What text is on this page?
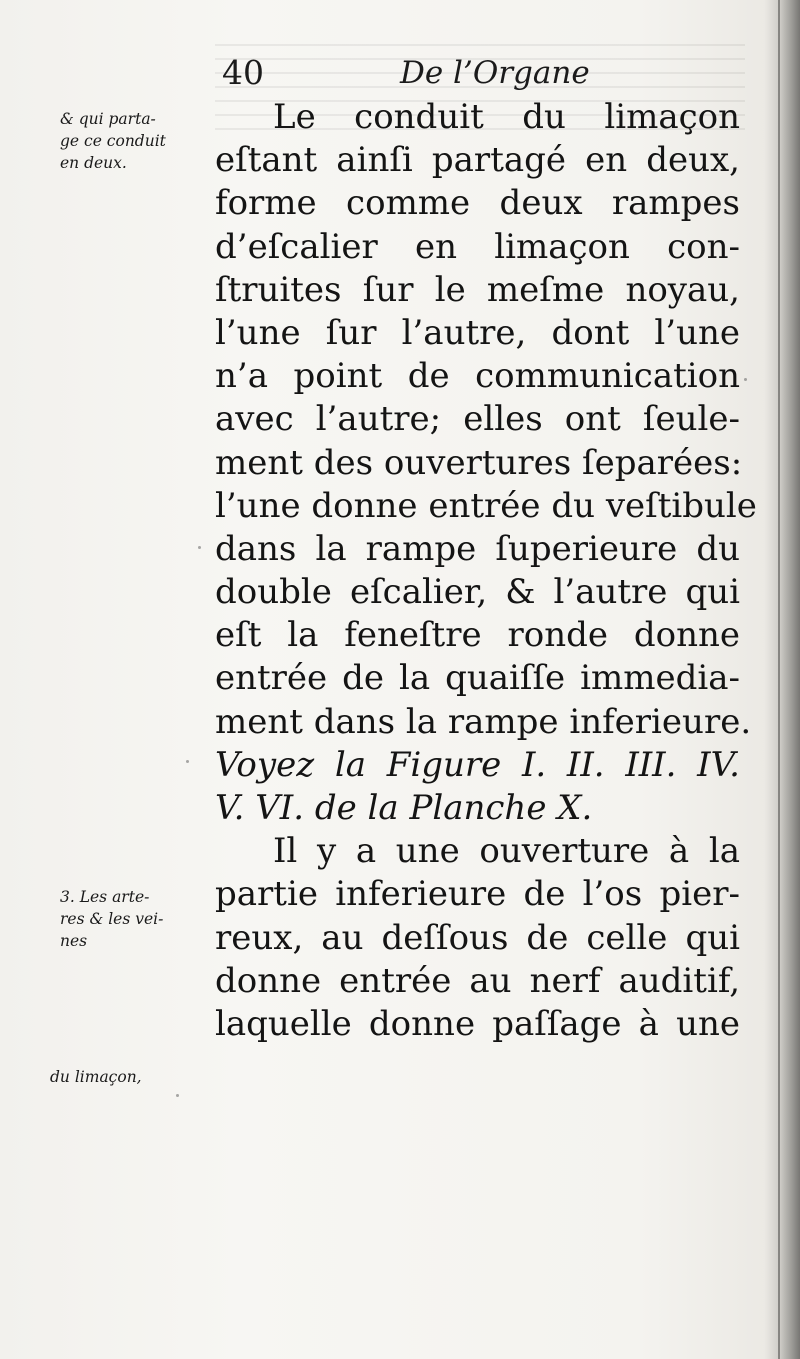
40	De l’Organe
& qui parta-
ge ce conduit
en deux.
3. Les arte-
res & les vei-
nes
du limaçon,
Le conduit du limaçon
eſtant ainſi partagé en deux,
forme comme deux rampes
d’eſcalier en limaçon con-
ſtruites ſur le meſme noyau,
l’une ſur l’autre, dont l’une
n’a point de communication
avec l’autre; elles ont ſeule-
ment des ouvertures ſeparées:
l’une donne entrée du veſtibule
dans la rampe ſuperieure du
double eſcalier, & l’autre qui
eſt la feneſtre ronde donne
entrée de la quaiſſe immedia-
ment dans la rampe inferieure.
Voyez la Figure I. II. III. IV.
V. VI. de la Planche X.
Il y a une ouverture à la
partie inferieure de l’os pier-
reux, au deſſous de celle qui
donne entrée au nerf auditif,
laquelle donne paſſage à une
